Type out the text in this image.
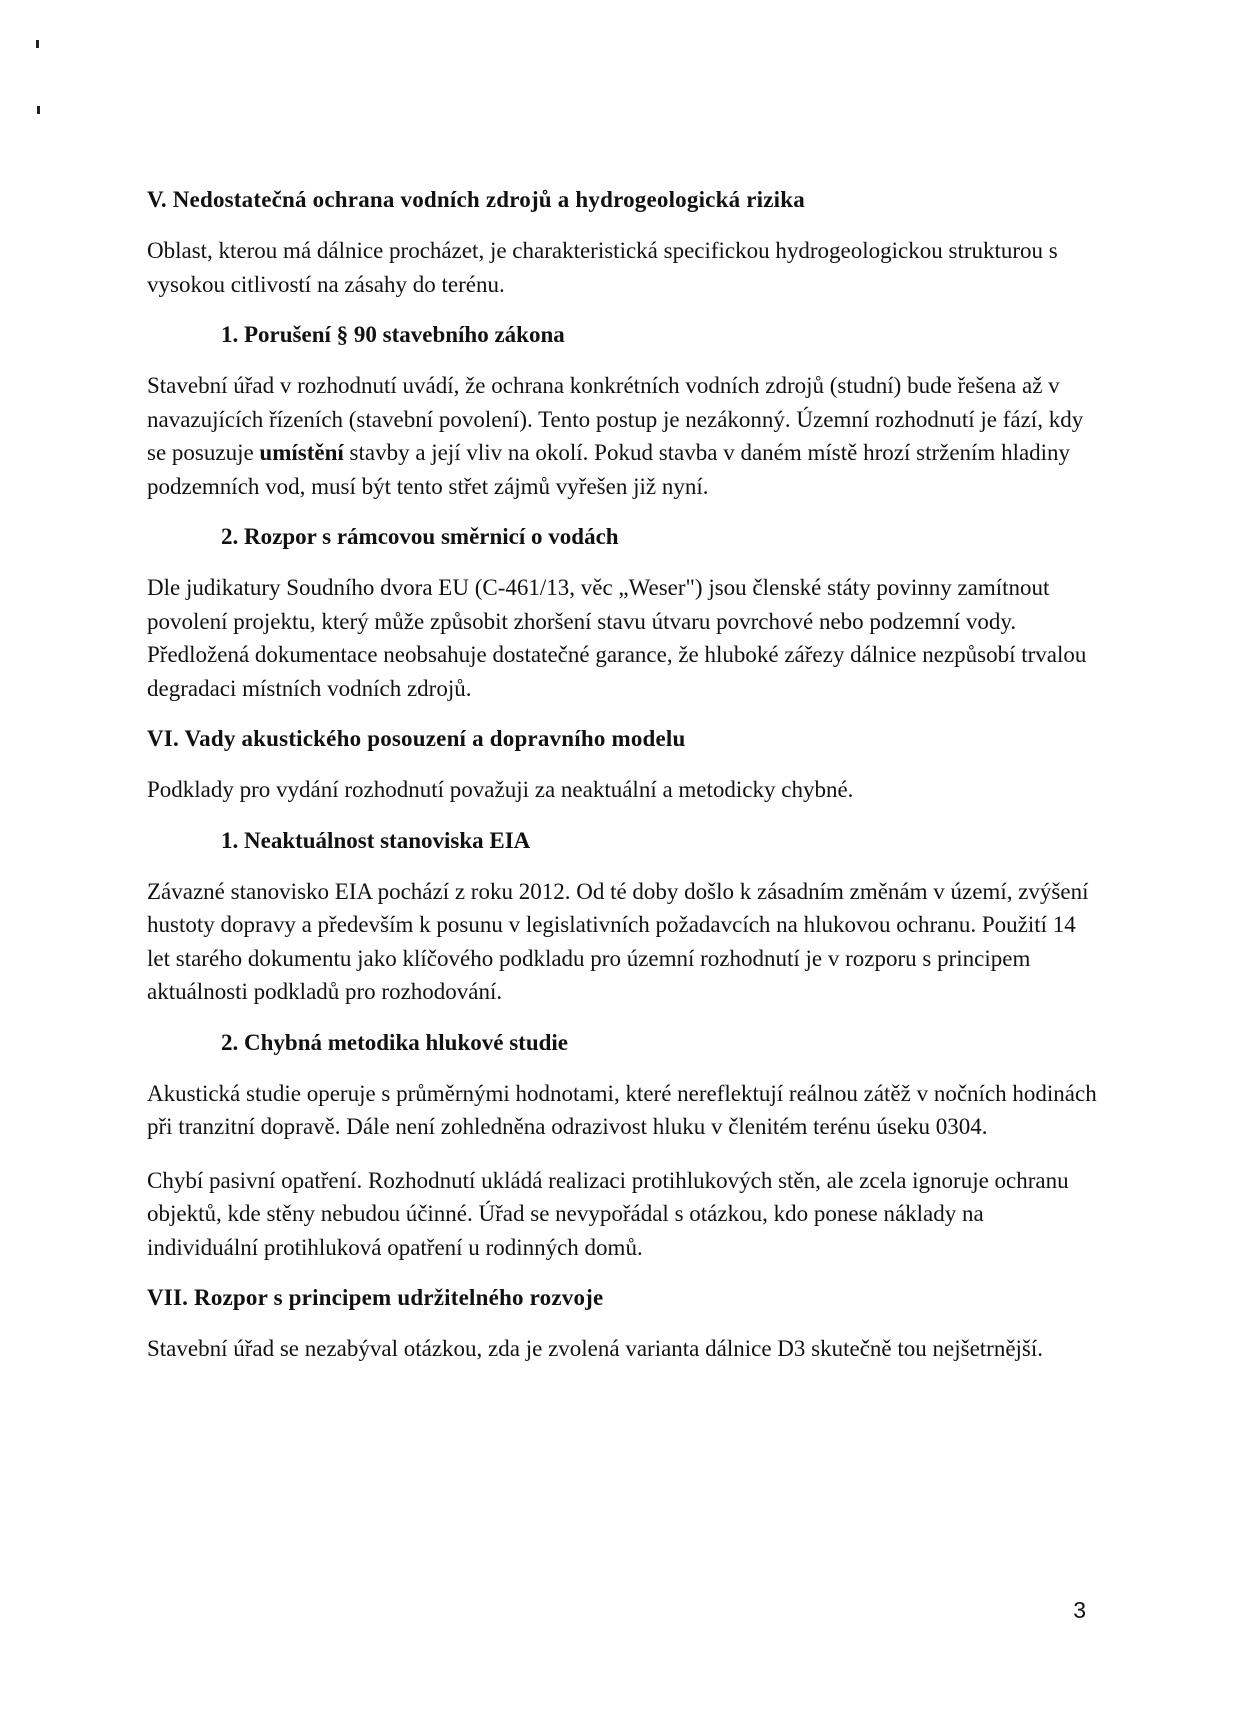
V. Nedostatečná ochrana vodních zdrojů a hydrogeologická rizika

Oblast, kterou má dálnice procházet, je charakteristická specifickou hydrogeologickou strukturou s vysokou citlivostí na zásahy do terénu.

1. Porušení § 90 stavebního zákona

Stavební úřad v rozhodnutí uvádí, že ochrana konkrétních vodních zdrojů (studní) bude řešena až v navazujících řízeních (stavební povolení). Tento postup je nezákonný. Územní rozhodnutí je fází, kdy se posuzuje umístění stavby a její vliv na okolí. Pokud stavba v daném místě hrozí stržením hladiny podzemních vod, musí být tento střet zájmů vyřešen již nyní.

2. Rozpor s rámcovou směrnicí o vodách

Dle judikatury Soudního dvora EU (C-461/13, věc „Weser") jsou členské státy povinny zamítnout povolení projektu, který může způsobit zhoršení stavu útvaru povrchové nebo podzemní vody. Předložená dokumentace neobsahuje dostatečné garance, že hluboké zářezy dálnice nezpůsobí trvalou degradaci místních vodních zdrojů.

VI. Vady akustického posouzení a dopravního modelu

Podklady pro vydání rozhodnutí považuji za neaktuální a metodicky chybné.

1. Neaktuálnost stanoviska EIA

Závazné stanovisko EIA pochází z roku 2012. Od té doby došlo k zásadním změnám v území, zvýšení hustoty dopravy a především k posunu v legislativních požadavcích na hlukovou ochranu. Použití 14 let starého dokumentu jako klíčového podkladu pro územní rozhodnutí je v rozporu s principem aktuálnosti podkladů pro rozhodování.

2. Chybná metodika hlukové studie

Akustická studie operuje s průměrnými hodnotami, které nereflektují reálnou zátěž v nočních hodinách při tranzitní dopravě. Dále není zohledněna odrazivost hluku v členitém terénu úseku 0304.

Chybí pasivní opatření. Rozhodnutí ukládá realizaci protihlukových stěn, ale zcela ignoruje ochranu objektů, kde stěny nebudou účinné. Úřad se nevypořádal s otázkou, kdo ponese náklady na individuální protihluková opatření u rodinných domů.

VII. Rozpor s principem udržitelného rozvoje

Stavební úřad se nezabýval otázkou, zda je zvolená varianta dálnice D3 skutečně tou nejšetrnější.

3
